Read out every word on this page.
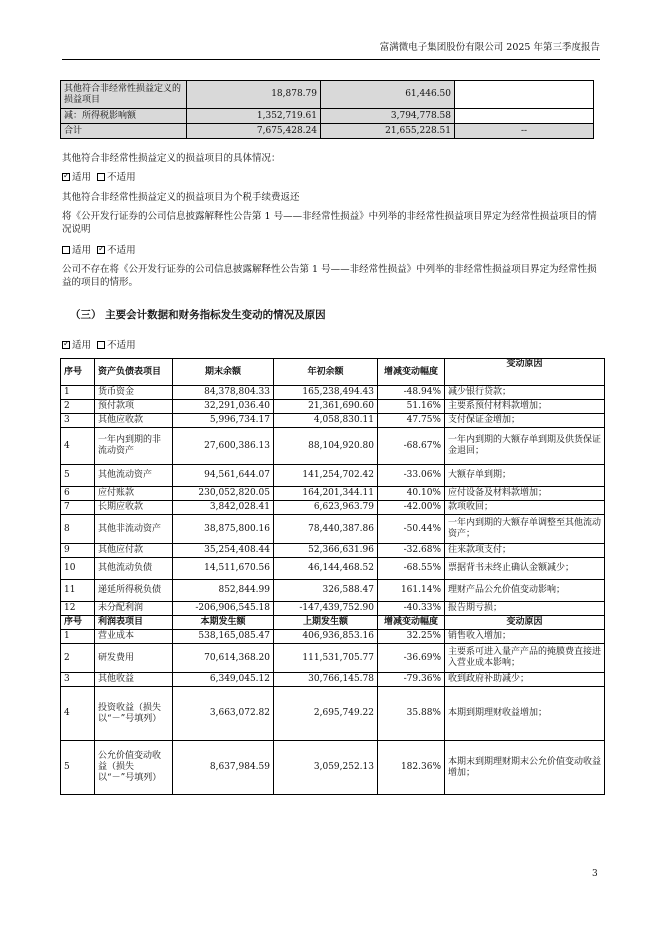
富满微电子集团股份有限公司 2025 年第三季度报告
其他符合非经常性损益定义的损益项目	18,878.79	61,446.50	
减：所得税影响额	1,352,719.61	3,794,778.58	
合计	7,675,428.24	21,655,228.51	--
其他符合非经常性损益定义的损益项目的具体情况：
✓适用 不适用
其他符合非经常性损益定义的损益项目为个税手续费返还
将《公开发行证券的公司信息披露解释性公告第 1 号——非经常性损益》中列举的非经常性损益项目界定为经常性损益项目的情况说明
适用 ✓ 不适用
公司不存在将《公开发行证券的公司信息披露解释性公告第 1 号——非经常性损益》中列举的非经常性损益项目界定为经常性损益的项目的情形。
（三） 主要会计数据和财务指标发生变动的情况及原因
✓适用 不适用
序号	资产负债表项目	期末余额	年初余额	增减变动幅度	变动原因
1	货币资金	84,378,804.33	165,238,494.43	-48.94%	减少银行贷款；
2	预付款项	32,291,036.40	21,361,690.60	51.16%	主要系预付材料款增加；
3	其他应收款	5,996,734.17	4,058,830.11	47.75%	支付保证金增加；
4	一年内到期的非流动资产	27,600,386.13	88,104,920.80	-68.67%	一年内到期的大额存单到期及供货保证金退回；
5	其他流动资产	94,561,644.07	141,254,702.42	-33.06%	大额存单到期；
6	应付账款	230,052,820.05	164,201,344.11	40.10%	应付设备及材料款增加；
7	长期应收款	3,842,028.41	6,623,963.79	-42.00%	款项收回；
8	其他非流动资产	38,875,800.16	78,440,387.86	-50.44%	一年内到期的大额存单调整至其他流动资产；
9	其他应付款	35,254,408.44	52,366,631.96	-32.68%	往来款项支付；
10	其他流动负债	14,511,670.56	46,144,468.52	-68.55%	票据背书未终止确认金额减少；
11	递延所得税负债	852,844.99	326,588.47	161.14%	理财产品公允价值变动影响；
12	未分配利润	-206,906,545.18	-147,439,752.90	-40.33%	报告期亏损；
序号	利润表项目	本期发生额	上期发生额	增减变动幅度	变动原因
1	营业成本	538,165,085.47	406,936,853.16	32.25%	销售收入增加；
2	研发费用	70,614,368.20	111,531,705.77	-36.69%	主要系可进入量产产品的掩膜费直接进入营业成本影响；
3	其他收益	6,349,045.12	30,766,145.78	-79.36%	收到政府补助减少；
4	投资收益（损失以“－”号填列）	3,663,072.82	2,695,749.22	35.88%	本期到期理财收益增加；
5	公允价值变动收益（损失以“－”号填列）	8,637,984.59	3,059,252.13	182.36%	本期末到期理财期末公允价值变动收益增加；
3
